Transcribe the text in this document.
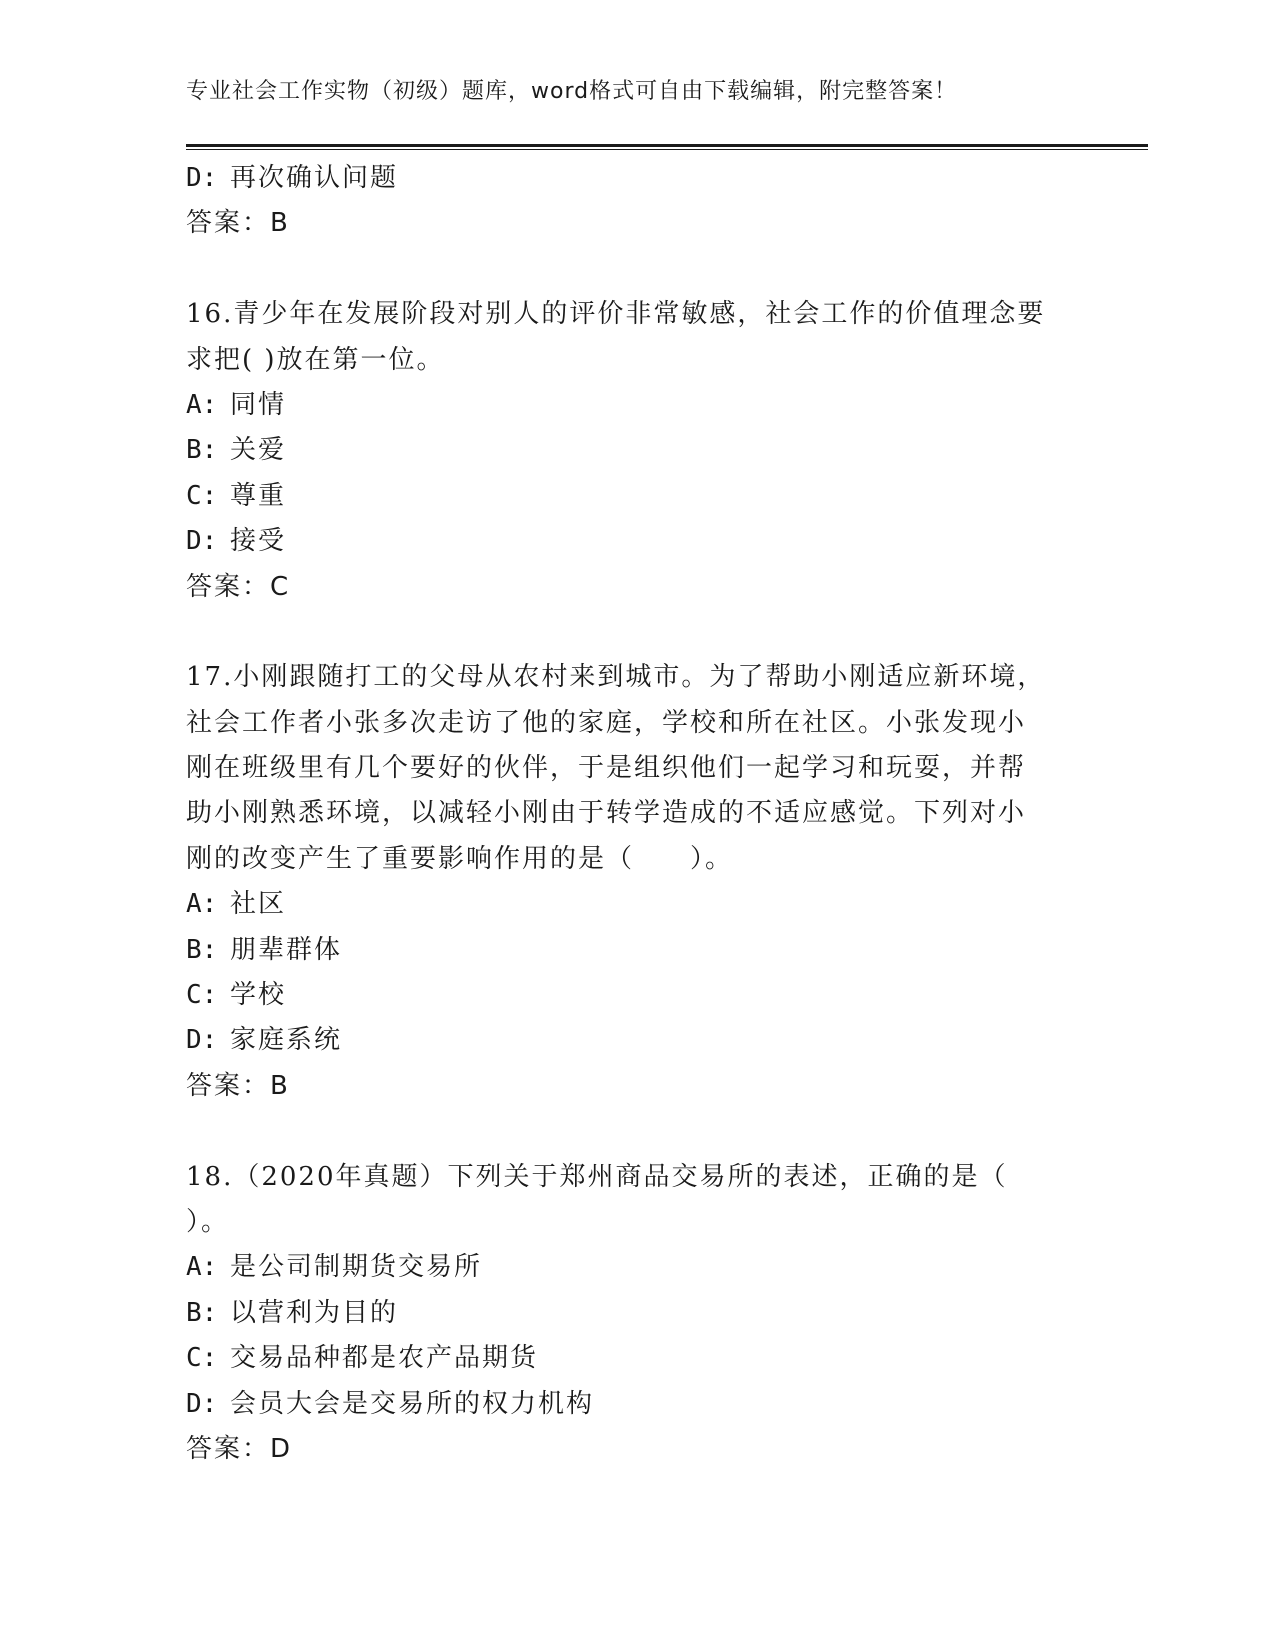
专业社会工作实物（初级）题库，word格式可自由下载编辑，附完整答案！
D: 再次确认问题
答案：B
16.青少年在发展阶段对别人的评价非常敏感，社会工作的价值理念要
求把( )放在第一位。
A: 同情
B: 关爱
C: 尊重
D: 接受
答案：C
17.小刚跟随打工的父母从农村来到城市。为了帮助小刚适应新环境，
社会工作者小张多次走访了他的家庭，学校和所在社区。小张发现小
刚在班级里有几个要好的伙伴，于是组织他们一起学习和玩耍，并帮
助小刚熟悉环境，以减轻小刚由于转学造成的不适应感觉。下列对小
刚的改变产生了重要影响作用的是（　　）。
A: 社区
B: 朋辈群体
C: 学校
D: 家庭系统
答案：B
18.（2020年真题）下列关于郑州商品交易所的表述，正确的是（
）。
A: 是公司制期货交易所
B: 以营利为目的
C: 交易品种都是农产品期货
D: 会员大会是交易所的权力机构
答案：D
